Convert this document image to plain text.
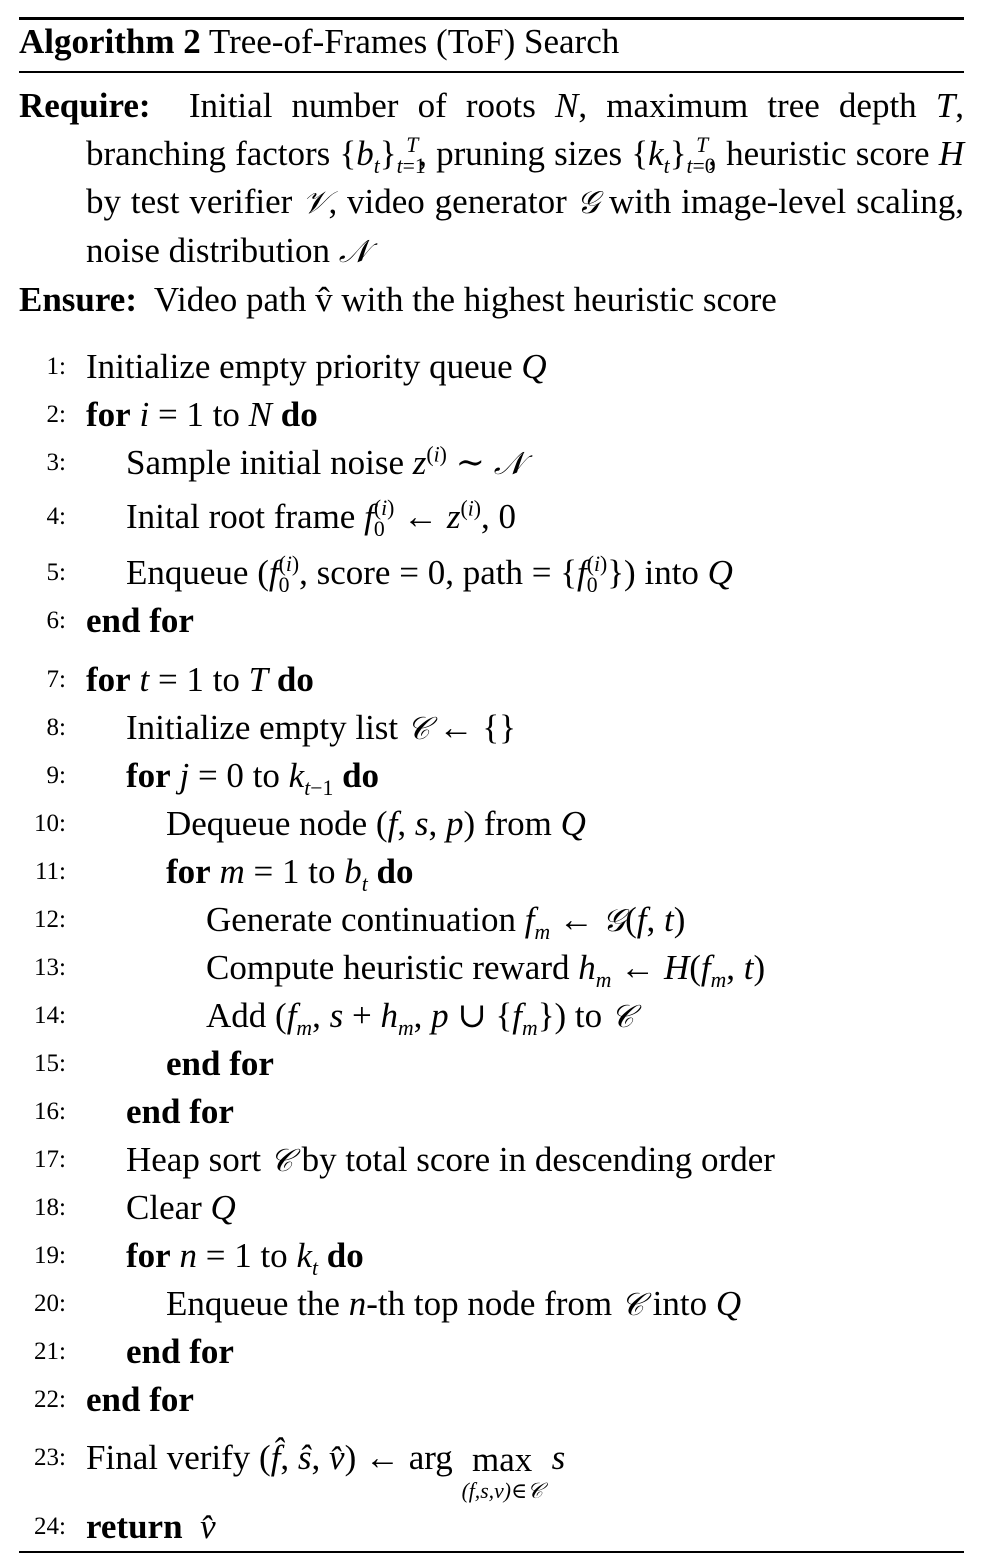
Algorithm 2 Tree-of-Frames (ToF) Search
Require: Initial number of roots N, maximum tree depth T, branching factors $\{b_t\}_{t=1}^T$, pruning sizes $\{k_t\}_{t=0}^T$, heuristic score H by test verifier 𝒱, video generator 𝒢 with image-level scaling, noise distribution 𝒩
Ensure: Video path v̂ with the highest heuristic score
1: Initialize empty priority queue Q
2: for i = 1 to N do
3: Sample initial noise $z^{(i)}$ ∼ 𝒩
4: Inital root frame $f_0^{(i)}$ ← $z^{(i)}$, 0
5: Enqueue ($f_0^{(i)}$, score = 0, path = $\{f_0^{(i)}\}$) into Q
6: end for
7: for t = 1 to T do
8: Initialize empty list 𝒞 ← {}
9: for j = 0 to $k_{t-1}$ do
10:	Dequeue node (f, s, p) from Q
11:	for m = 1 to $b_t$ do
12:	Generate continuation $f_m$ ← 𝒢(f, t)
13:	Compute heuristic reward $h_m$ ← $H(f_m$, t)
14:	Add ($f_m$, $s + h_m$, p ∪ $\{f_m\}$) to 𝒞
15:	end for
16: end for
17: Heap sort 𝒞 by total score in descending order
18: Clear Q
19: for n = 1 to $k_t$ do
20:	Enqueue the n-th top node from 𝒞 into Q
21: end for
22: end for
23: Final verify (f̂, ŝ, v̂) ← arg max
(f,s,v)∈𝒞
s
24: return v̂
